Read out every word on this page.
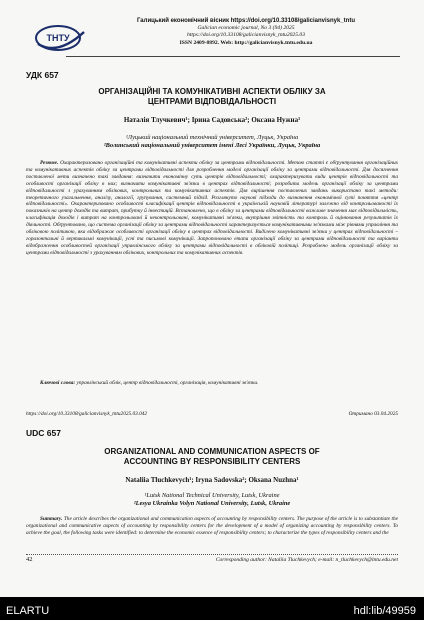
ТНТУ
Галицький економічний вісник https://doi.org/10.33108/galicianvisnyk_tntu
Galician economic journal, No 3 (94) 2025
https://doi.org/10.33108/galicianvisnyk_tntu2025.03
ISSN 2409-8892. Web: http://galicianvisnyk.tntu.edu.ua
УДК 657
ОРГАНІЗАЦІЙНІ ТА КОМУНІКАТИВНІ АСПЕКТИ ОБЛІКУ ЗА
ЦЕНТРАМИ ВІДПОВІДАЛЬНОСТІ
Наталія Тлучкевич¹; Ірина Садовська²; Оксана Нужна¹
¹Луцький національний технічний університет, Луцьк, Україна
²Волинський національний університет імені Лесі Українки, Луцьк, Україна
Резюме. Охарактеризовано організаційні та комунікативні аспекти обліку за центрами відповідальності. Метою статті є обґрунтування організаційних та комунікативних аспектів обліку за центрами відповідальності для розроблення моделі організації обліку за центрами відповідальності. Для досягнення поставленої мети визначено такі завдання: визначити економічну суть центрів відповідальності; охарактеризувати види центрів відповідальності та особливості організації обліку в них; визначити комунікативні зв'язки в центрах відповідальності; розробити модель організації обліку за центрами відповідальності з урахуванням облікових, контрольних та комунікативних аспектів. Для вирішення поставлених завдань використано такі методи: теоретичного узагальнення, аналізу, аналогії, групування, системний підхід. Розглянуто наукові підходи до визначення економічної суті поняття «центр відповідальності». Охарактеризовано особливості класифікації центрів відповідальності в українській науковій літературі залежно від контрольованості їх показників на центр доходів та витрат, прибутку й інвестицій. Встановлено, що в обліку за центрами відповідальності важливе значення має відповідальність, класифікація доходів і витрат на контрольовані й неконтрольовані, комунікативні зв'язки, внутрішня звітність та контроль й оцінювання результатів їх діяльності. Обґрунтовано, що система організації обліку за центрами відповідальності характеризується комунікативними зв'язками між рівнями управління та обліковою політикою, яка відображає особливості організації обліку в центрах відповідальності. Виділено комунікативні зв'язки у центрах відповідальності – горизонтальні й вертикальні комунікації, усні та письмові комунікації. Запропоновано етапи організації обліку за центрами відповідальності та варіанти відображення особливостей організації управлінського обліку за центрами відповідальності в обліковій політиці. Розроблено модель організації обліку за центрами відповідальності з урахуванням облікових, контрольних та комунікативних аспектів.
Ключові слова: управлінський облік, центр відповідальності, організація, комунікативні зв'язки.
https://doi.org/10.33108/galicianvisnyk_tntu2025.03.042	Отримано 03.04.2025
UDC 657
ORGANIZATIONAL AND COMMUNICATION ASPECTS OF
ACCOUNTING BY RESPONSIBILITY CENTERS
Nataliia Tluchkevych¹; Iryna Sadovska²; Oksana Nuzhna¹
¹Lutsk National Technical University, Lutsk, Ukraine
²Lesya Ukrainka Volyn National University, Lutsk, Ukraine
Summary. The article describes the organizational and communication aspects of accounting by responsibility centers. The purpose of the article is to substantiate the organizational and communicative aspects of accounting by responsibility centers for the development of a model of organizing accounting by responsibility centers. To achieve the goal, the following tasks were identified: to determine the economic essence of responsibility centers; to characterize the types of responsibility centers and the
42	Corresponding author: Nataliia Tluchkevych; e-mail: n_tluchkevych@lntu.edu.net
ELARTU	hdl:lib/49959
